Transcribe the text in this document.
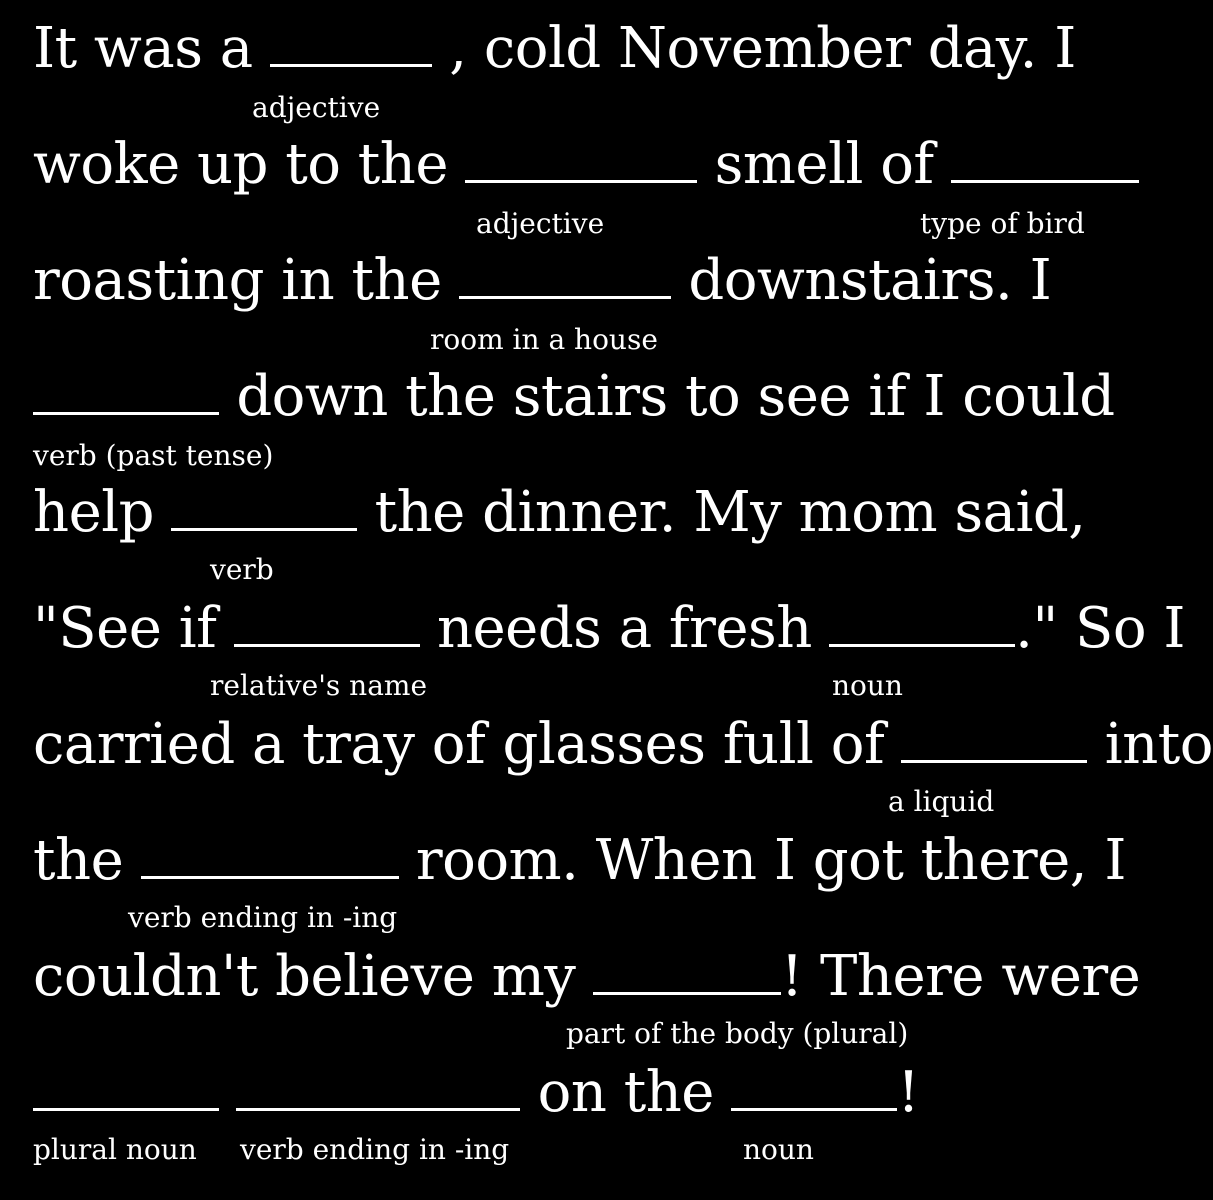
It was a	, cold November day. I
adjective
woke up to the	smell of
adjective	type of bird
roasting in the	downstairs. I
room in a house
down the stairs to see if I could
verb (past tense)
help	the dinner. My mom said,
verb
"See if	needs a fresh	." So I
relative's name	noun
carried a tray of glasses full of	into
a liquid
the	room. When I got there, I
verb ending in -ing
couldn't believe my	! There were
part of the body (plural)
on the	!
plural noun verb ending in -ing	noun
